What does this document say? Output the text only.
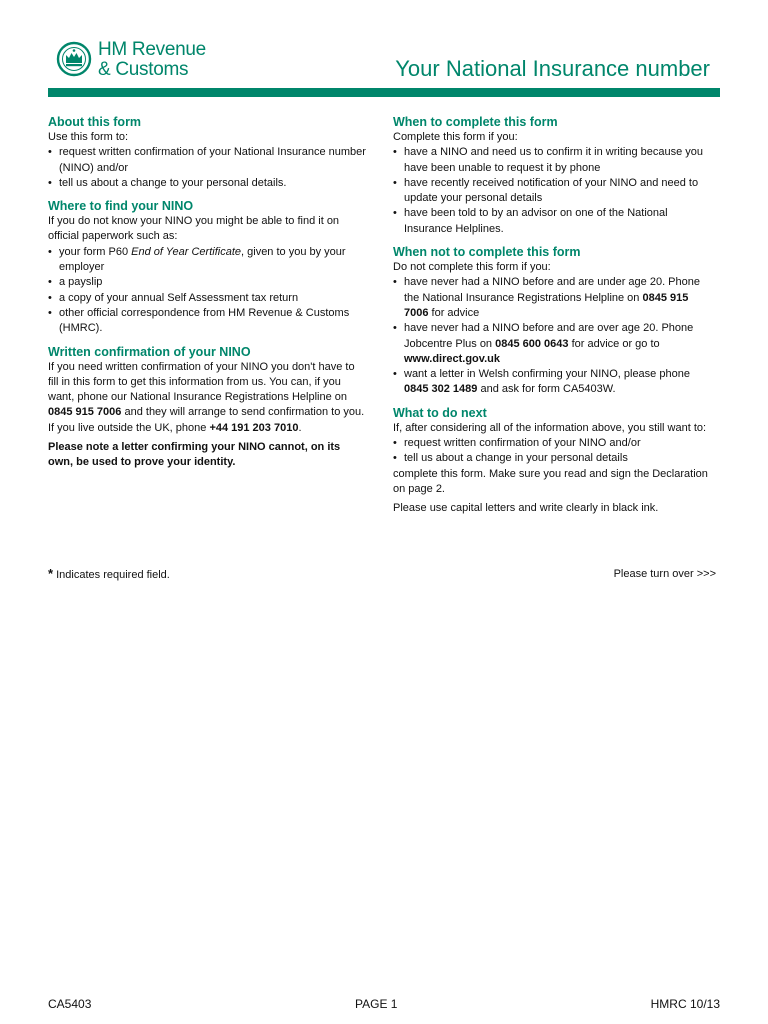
HM Revenue
& Customs	Your National Insurance number
About this form

Use this form to:

• request written confirmation of your National Insurance number (NINO) and/or
• tell us about a change to your personal details.
Where to find your NINO

If you do not know your NINO you might be able to find it on official paperwork such as:

• your form P60 End of Year Certificate, given to you by your employer
• a payslip
• a copy of your annual Self Assessment tax return
• other official correspondence from HM Revenue & Customs (HMRC).
Written confirmation of your NINO

If you need written confirmation of your NINO you don't have to fill in this form to get this information from us. You can, if you want, phone our National Insurance Registrations Helpline on 0845 915 7006 and they will arrange to send confirmation to you. If you live outside the UK, phone +44 191 203 7010.

Please note a letter confirming your NINO cannot, on its own, be used to prove your identity.

When to complete this form

Complete this form if you:

• have a NINO and need us to confirm it in writing because you have been unable to request it by phone
• have recently received notification of your NINO and need to update your personal details
• have been told to by an advisor on one of the National Insurance Helplines.
When not to complete this form

Do not complete this form if you:

• have never had a NINO before and are under age 20. Phone the National Insurance Registrations Helpline on 0845 915 7006 for advice
• have never had a NINO before and are over age 20. Phone Jobcentre Plus on 0845 600 0643 for advice or go to www.direct.gov.uk
• want a letter in Welsh confirming your NINO, please phone 0845 302 1489 and ask for form CA5403W.
What to do next

If, after considering all of the information above, you still want to:

• request written confirmation of your NINO and/or
• tell us about a change in your personal details

complete this form. Make sure you read and sign the Declaration on page 2.

Please use capital letters and write clearly in black ink.

* Indicates required field.	Please turn over >>>
CA5403	PAGE 1	HMRC 10/13
